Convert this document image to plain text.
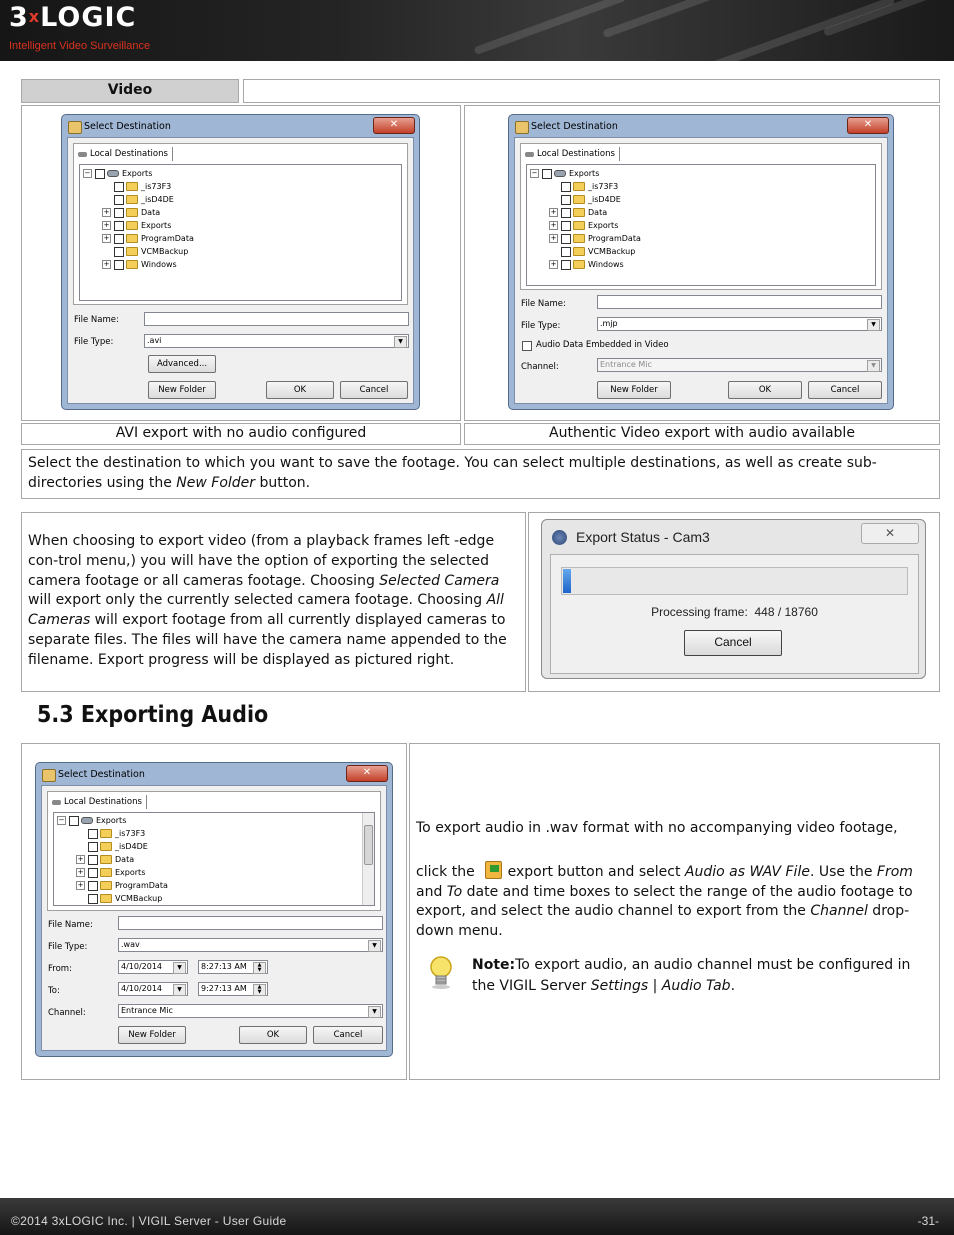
3xLOGIC
Intelligent Video Surveillance
Video
Select Destination	✕
Local Destinations
−	Exports
_is73F3
_isD4DE
+	Data
+	Exports
+	ProgramData
VCMBackup
+	Windows
File Name:
File Type:	.avi	▼
Advanced...
New Folder	OK	Cancel
Select Destination	✕
Local Destinations
−	Exports
_is73F3
_isD4DE
+	Data
+	Exports
+	ProgramData
VCMBackup
+	Windows
File Name:
File Type:	.mjp	▼
Audio Data Embedded in Video
Channel:	Entrance Mic	▼
New Folder	OK	Cancel
AVI export with no audio configured	Authentic Video export with audio available
Select the destination to which you want to save the footage. You can select multiple destinations, as well as create sub-directories using the New Folder button.
When choosing to export video (from a playback frames left -edge con-trol menu,) you will have the option of exporting the selected camera footage or all cameras footage. Choosing Selected Camera will export only the currently selected camera footage. Choosing All Cameras will export footage from all currently displayed cameras to separate files. The files will have the camera name appended to the filename. Export progress will be displayed as pictured right.
Export Status - Cam3	✕
Processing frame: 448 / 18760
Cancel
5.3 Exporting Audio
Select Destination	✕
Local Destinations
−	Exports
_is73F3
_isD4DE
+	Data
+	Exports
+	ProgramData
VCMBackup
File Name:
File Type:	.wav	▼
From:	4/10/2014	▼	8:27:13 AM	▲
▼
To:	4/10/2014	▼	9:27:13 AM	▲
▼
Channel:	Entrance Mic	▼
New Folder	OK	Cancel
To export audio in .wav format with no accompanying video footage,
click the
export button and select Audio as WAV File. Use the From and To date and time boxes to select the range of the audio footage to export, and select the audio channel to export from the Channel drop-down menu.
Note:To export audio, an audio channel must be configured in the VIGIL Server Settings | Audio Tab.
©2014 3xLOGIC Inc. | VIGIL Server - User Guide	-31-
